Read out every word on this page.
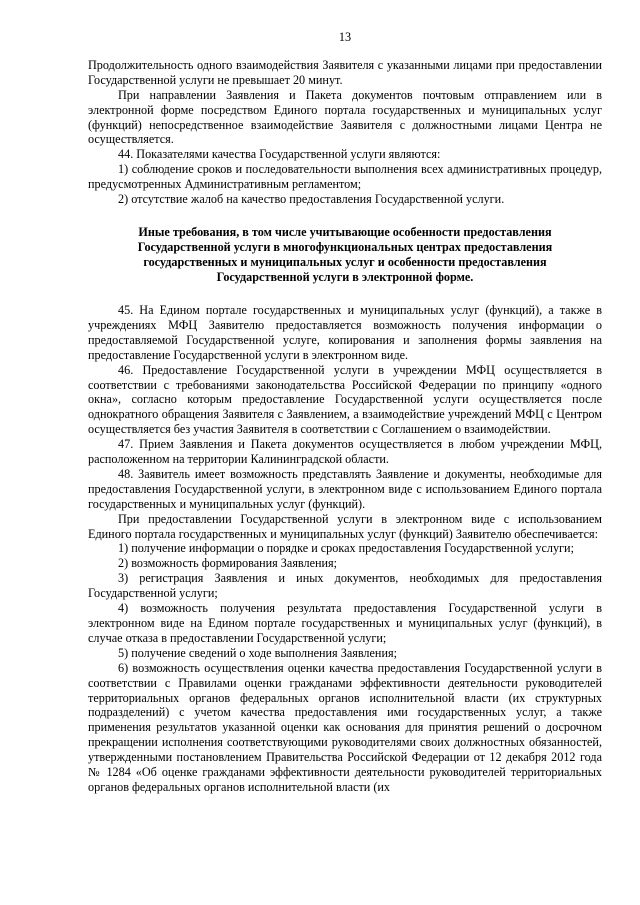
13

Продолжительность одного взаимодействия Заявителя с указанными лицами при предоставлении Государственной услуги не превышает 20 минут.

При направлении Заявления и Пакета документов почтовым отправлением или в электронной форме посредством Единого портала государственных и муниципальных услуг (функций) непосредственное взаимодействие Заявителя с должностными лицами Центра не осуществляется.

44. Показателями качества Государственной услуги являются:

1) соблюдение сроков и последовательности выполнения всех административных процедур, предусмотренных Административным регламентом;

2) отсутствие жалоб на качество предоставления Государственной услуги.

Иные требования, в том числе учитывающие особенности предоставления Государственной услуги в многофункциональных центрах предоставления государственных и муниципальных услуг и особенности предоставления Государственной услуги в электронной форме.

45. На Едином портале государственных и муниципальных услуг (функций), а также в учреждениях МФЦ Заявителю предоставляется возможность получения информации о предоставляемой Государственной услуге, копирования и заполнения формы заявления на предоставление Государственной услуги в электронном виде.

46. Предоставление Государственной услуги в учреждении МФЦ осуществляется в соответствии с требованиями законодательства Российской Федерации по принципу «одного окна», согласно которым предоставление Государственной услуги осуществляется после однократного обращения Заявителя с Заявлением, а взаимодействие учреждений МФЦ с Центром осуществляется без участия Заявителя в соответствии с Соглашением о взаимодействии.

47. Прием Заявления и Пакета документов осуществляется в любом учреждении МФЦ, расположенном на территории Калининградской области.

48. Заявитель имеет возможность представлять Заявление и документы, необходимые для предоставления Государственной услуги, в электронном виде с использованием Единого портала государственных и муниципальных услуг (функций).

При предоставлении Государственной услуги в электронном виде с использованием Единого портала государственных и муниципальных услуг (функций) Заявителю обеспечивается:

1) получение информации о порядке и сроках предоставления Государственной услуги;

2) возможность формирования Заявления;

3) регистрация Заявления и иных документов, необходимых для предоставления Государственной услуги;

4) возможность получения результата предоставления Государственной услуги в электронном виде на Едином портале государственных и муниципальных услуг (функций), в случае отказа в предоставлении Государственной услуги;

5) получение сведений о ходе выполнения Заявления;

6) возможность осуществления оценки качества предоставления Государственной услуги в соответствии с Правилами оценки гражданами эффективности деятельности руководителей территориальных органов федеральных органов исполнительной власти (их структурных подразделений) с учетом качества предоставления ими государственных услуг, а также применения результатов указанной оценки как основания для принятия решений о досрочном прекращении исполнения соответствующими руководителями своих должностных обязанностей, утвержденными постановлением Правительства Российской Федерации от 12 декабря 2012 года № 1284 «Об оценке гражданами эффективности деятельности руководителей территориальных органов федеральных органов исполнительной власти (их
